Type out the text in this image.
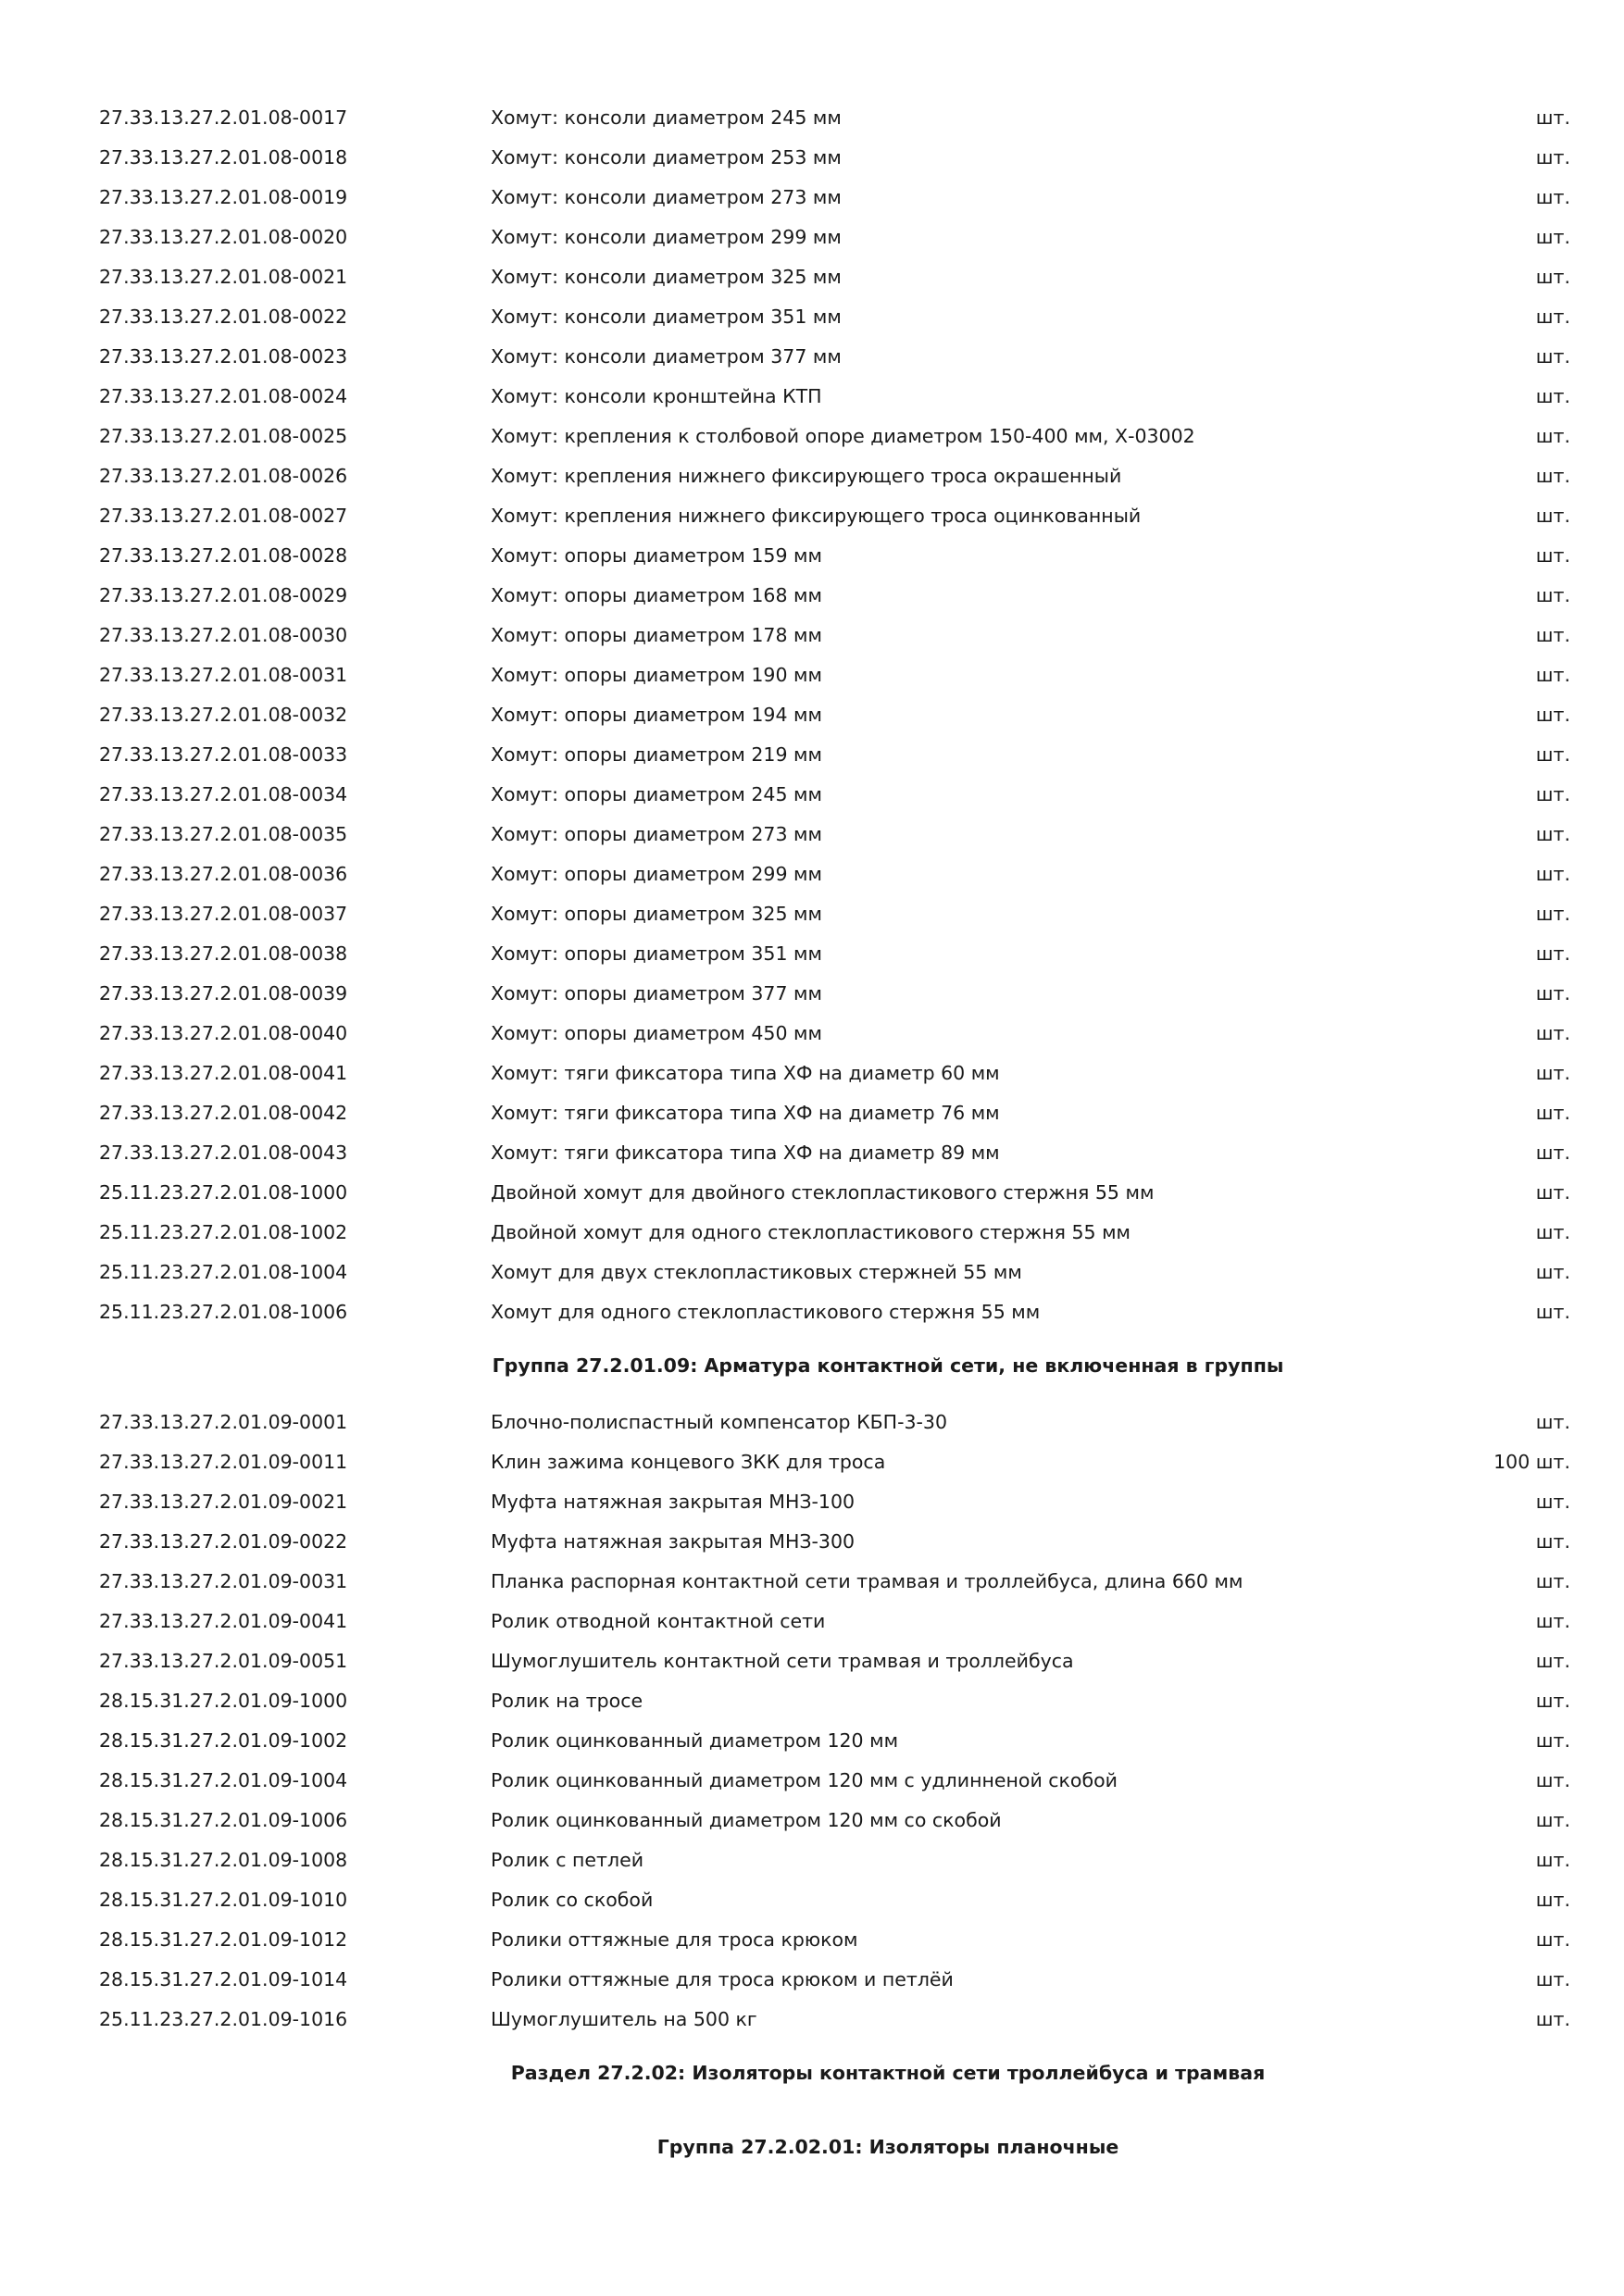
27.33.13.27.2.01.08-0017	Хомут: консоли диаметром 245 мм	шт.
27.33.13.27.2.01.08-0018	Хомут: консоли диаметром 253 мм	шт.
27.33.13.27.2.01.08-0019	Хомут: консоли диаметром 273 мм	шт.
27.33.13.27.2.01.08-0020	Хомут: консоли диаметром 299 мм	шт.
27.33.13.27.2.01.08-0021	Хомут: консоли диаметром 325 мм	шт.
27.33.13.27.2.01.08-0022	Хомут: консоли диаметром 351 мм	шт.
27.33.13.27.2.01.08-0023	Хомут: консоли диаметром 377 мм	шт.
27.33.13.27.2.01.08-0024	Хомут: консоли кронштейна КТП	шт.
27.33.13.27.2.01.08-0025	Хомут: крепления к столбовой опоре диаметром 150-400 мм, Х-03002	шт.
27.33.13.27.2.01.08-0026	Хомут: крепления нижнего фиксирующего троса окрашенный	шт.
27.33.13.27.2.01.08-0027	Хомут: крепления нижнего фиксирующего троса оцинкованный	шт.
27.33.13.27.2.01.08-0028	Хомут: опоры диаметром 159 мм	шт.
27.33.13.27.2.01.08-0029	Хомут: опоры диаметром 168 мм	шт.
27.33.13.27.2.01.08-0030	Хомут: опоры диаметром 178 мм	шт.
27.33.13.27.2.01.08-0031	Хомут: опоры диаметром 190 мм	шт.
27.33.13.27.2.01.08-0032	Хомут: опоры диаметром 194 мм	шт.
27.33.13.27.2.01.08-0033	Хомут: опоры диаметром 219 мм	шт.
27.33.13.27.2.01.08-0034	Хомут: опоры диаметром 245 мм	шт.
27.33.13.27.2.01.08-0035	Хомут: опоры диаметром 273 мм	шт.
27.33.13.27.2.01.08-0036	Хомут: опоры диаметром 299 мм	шт.
27.33.13.27.2.01.08-0037	Хомут: опоры диаметром 325 мм	шт.
27.33.13.27.2.01.08-0038	Хомут: опоры диаметром 351 мм	шт.
27.33.13.27.2.01.08-0039	Хомут: опоры диаметром 377 мм	шт.
27.33.13.27.2.01.08-0040	Хомут: опоры диаметром 450 мм	шт.
27.33.13.27.2.01.08-0041	Хомут: тяги фиксатора типа ХФ на диаметр 60 мм	шт.
27.33.13.27.2.01.08-0042	Хомут: тяги фиксатора типа ХФ на диаметр 76 мм	шт.
27.33.13.27.2.01.08-0043	Хомут: тяги фиксатора типа ХФ на диаметр 89 мм	шт.
25.11.23.27.2.01.08-1000	Двойной хомут для двойного стеклопластикового стержня 55 мм	шт.
25.11.23.27.2.01.08-1002	Двойной хомут для одного стеклопластикового стержня 55 мм	шт.
25.11.23.27.2.01.08-1004	Хомут для двух стеклопластиковых стержней 55 мм	шт.
25.11.23.27.2.01.08-1006	Хомут для одного стеклопластикового стержня 55 мм	шт.
Группа 27.2.01.09: Арматура контактной сети, не включенная в группы
27.33.13.27.2.01.09-0001	Блочно-полиспастный компенсатор КБП-3-30	шт.
27.33.13.27.2.01.09-0011	Клин зажима концевого ЗКК для троса	100 шт.
27.33.13.27.2.01.09-0021	Муфта натяжная закрытая МНЗ-100	шт.
27.33.13.27.2.01.09-0022	Муфта натяжная закрытая МНЗ-300	шт.
27.33.13.27.2.01.09-0031	Планка распорная контактной сети трамвая и троллейбуса, длина 660 мм	шт.
27.33.13.27.2.01.09-0041	Ролик отводной контактной сети	шт.
27.33.13.27.2.01.09-0051	Шумоглушитель контактной сети трамвая и троллейбуса	шт.
28.15.31.27.2.01.09-1000	Ролик на тросе	шт.
28.15.31.27.2.01.09-1002	Ролик оцинкованный диаметром 120 мм	шт.
28.15.31.27.2.01.09-1004	Ролик оцинкованный диаметром 120 мм с удлинненой скобой	шт.
28.15.31.27.2.01.09-1006	Ролик оцинкованный диаметром 120 мм со скобой	шт.
28.15.31.27.2.01.09-1008	Ролик с петлей	шт.
28.15.31.27.2.01.09-1010	Ролик со скобой	шт.
28.15.31.27.2.01.09-1012	Ролики оттяжные для троса крюком	шт.
28.15.31.27.2.01.09-1014	Ролики оттяжные для троса крюком и петлёй	шт.
25.11.23.27.2.01.09-1016	Шумоглушитель на 500 кг	шт.
Раздел 27.2.02: Изоляторы контактной сети троллейбуса и трамвая
Группа 27.2.02.01: Изоляторы планочные
